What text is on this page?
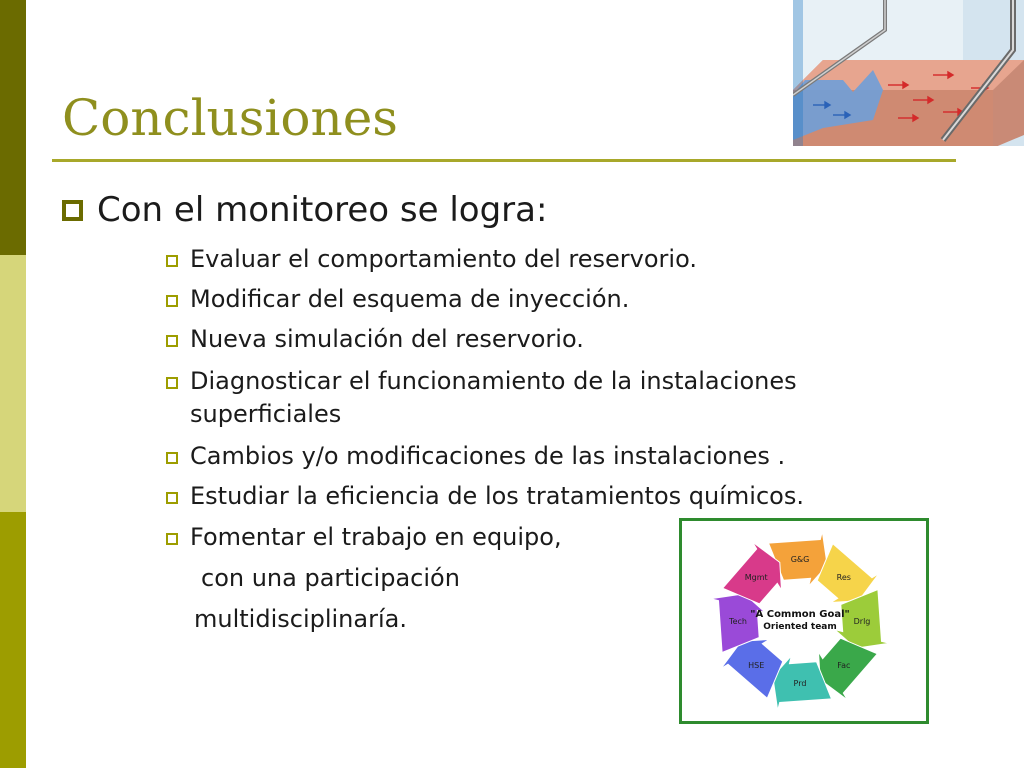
Conclusiones
Con el monitoreo se logra:
Evaluar el comportamiento del reservorio.
Modificar del esquema de inyección.
Nueva simulación del reservorio.
Diagnosticar el funcionamiento de la instalaciones
superficiales
Cambios y/o modificaciones de las instalaciones .
Estudiar la eficiencia de los tratamientos químicos.
Fomentar el trabajo en equipo,
con una participación
multidisciplinaría.
G&G
Res
Drlg
Fac
Prd
HSE
Tech
Mgmt
"A Common Goal"
Oriented team
